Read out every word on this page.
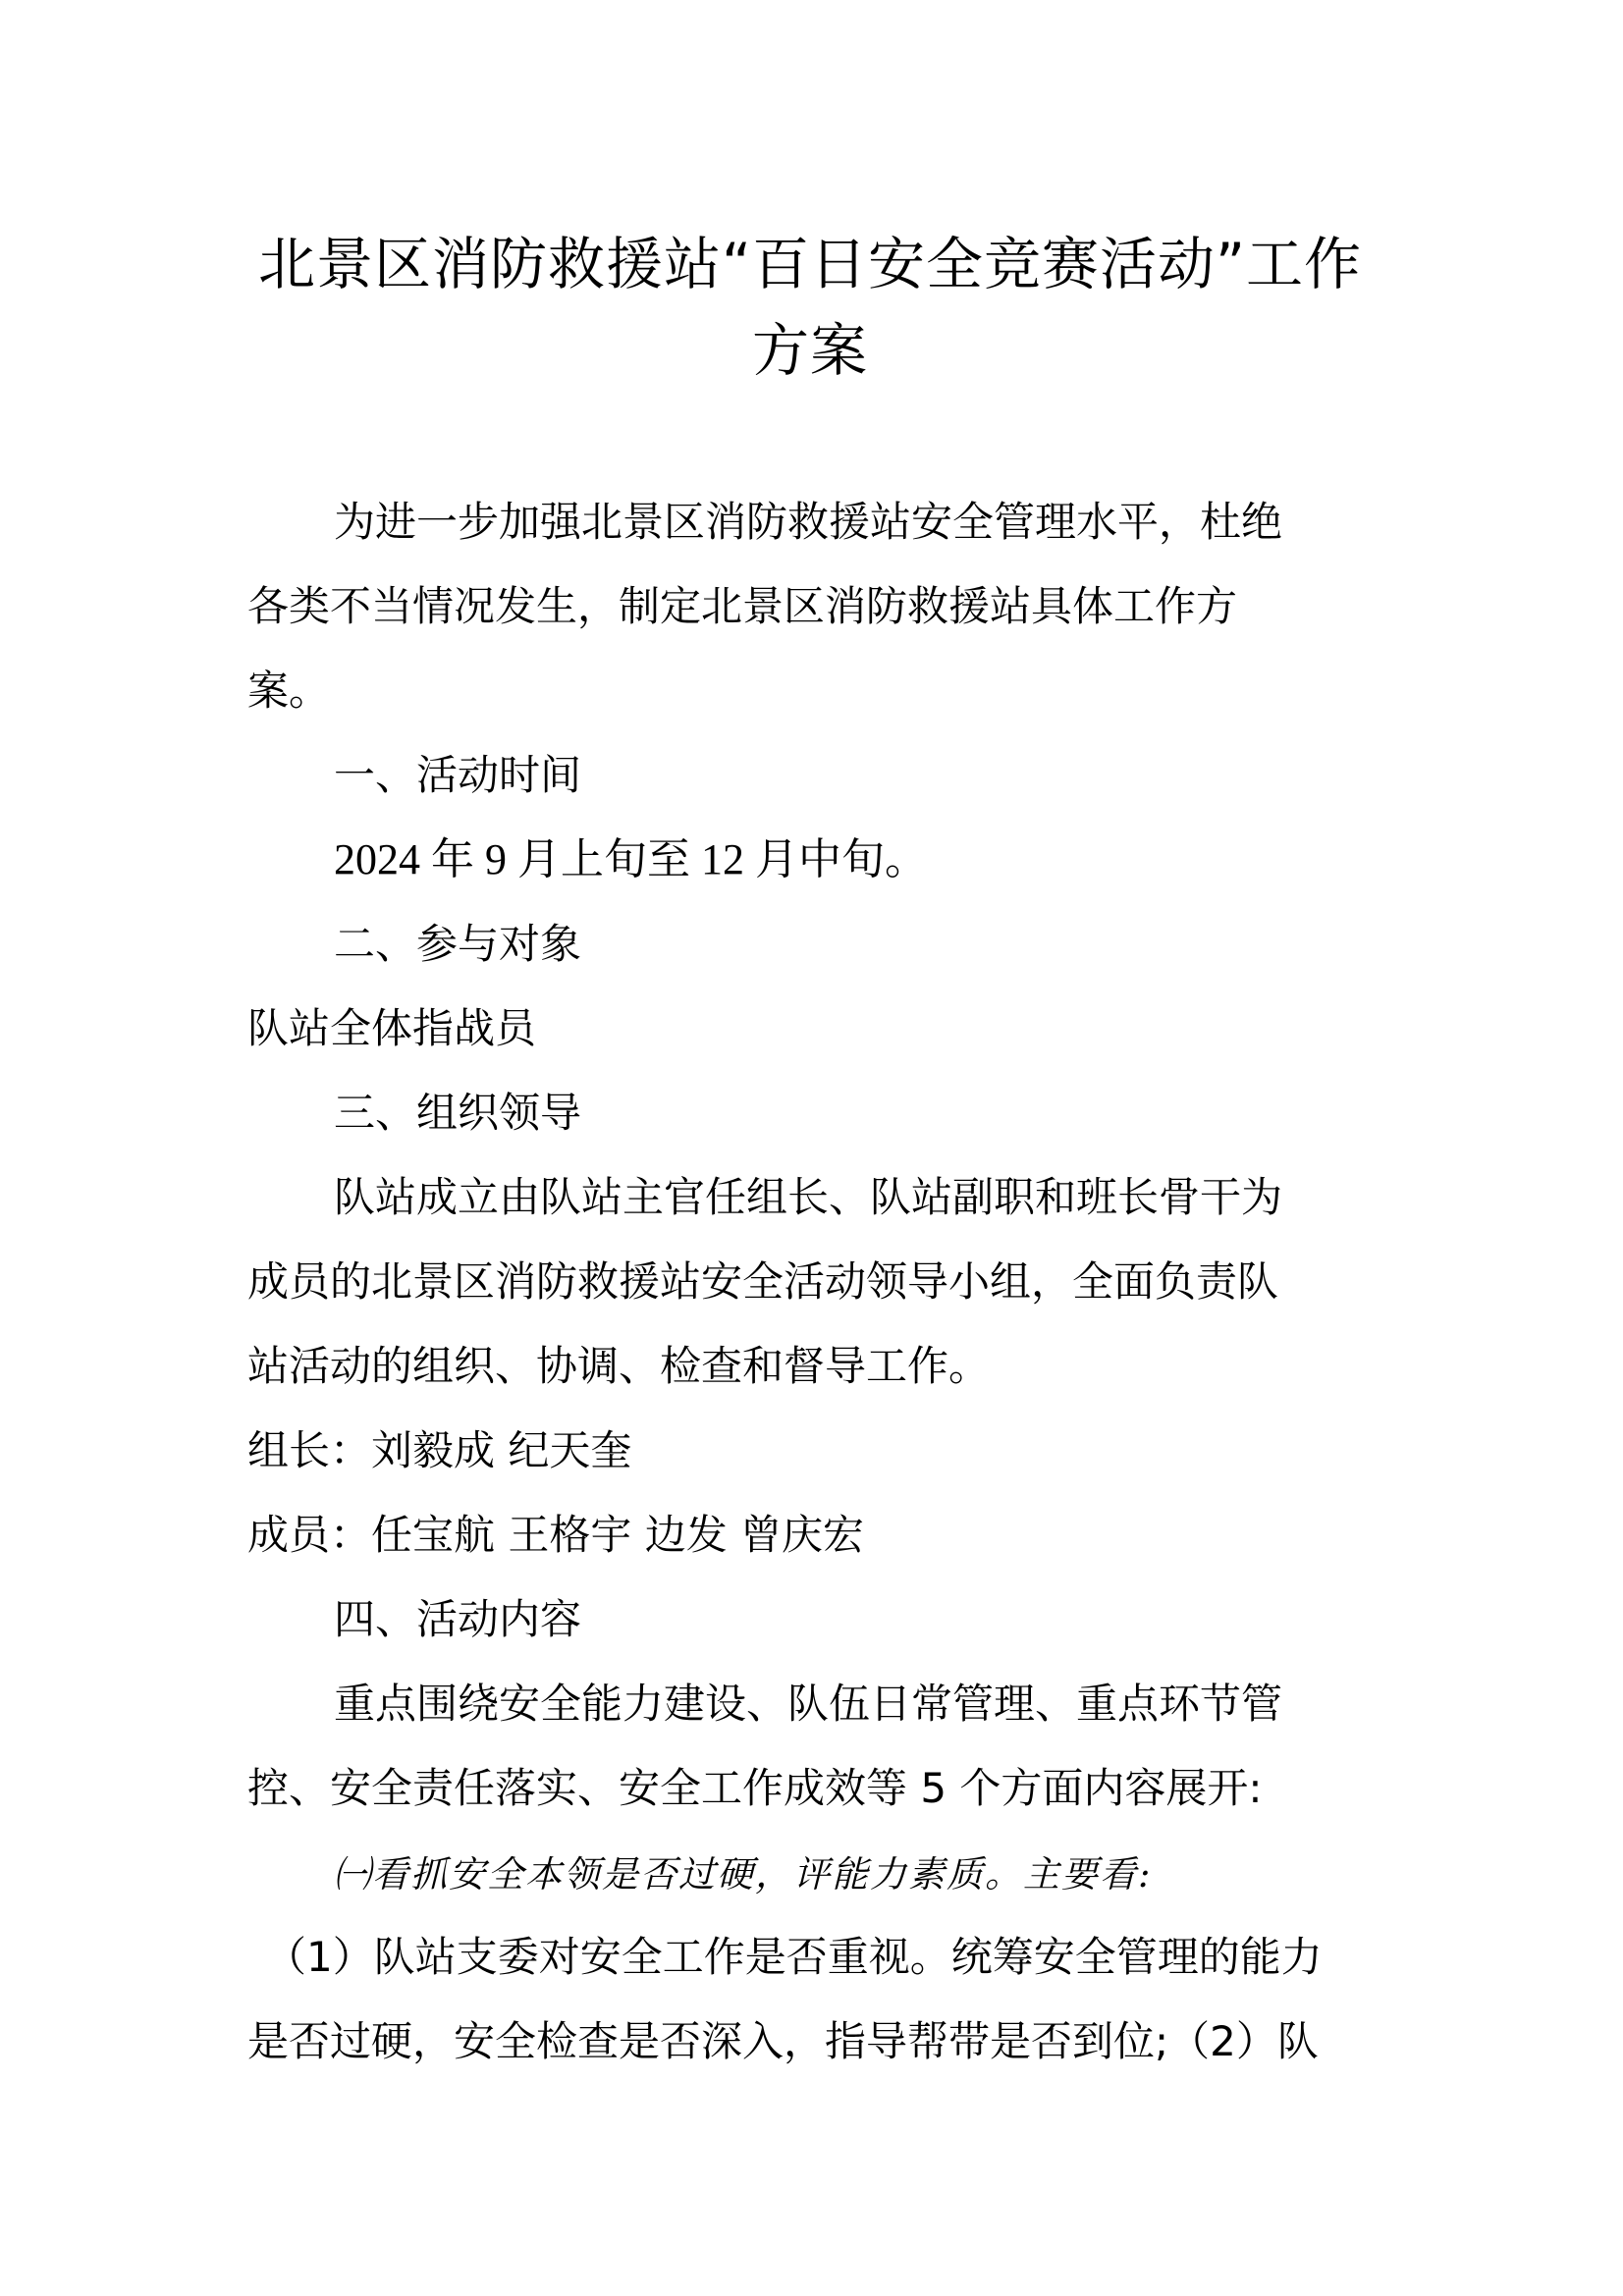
北景区消防救援站“百日安全竞赛活动”工作
方案

为进一步加强北景区消防救援站安全管理水平，杜绝

各类不当情况发生，制定北景区消防救援站具体工作方

案。

一、活动时间

2024 年 9 月上旬至 12 月中旬。

二、参与对象

队站全体指战员

三、组织领导

队站成立由队站主官任组长、队站副职和班长骨干为

成员的北景区消防救援站安全活动领导小组，全面负责队

站活动的组织、协调、检查和督导工作。

组长：刘毅成 纪天奎

成员：任宝航 王格宇 边发 曾庆宏

四、活动内容

重点围绕安全能力建设、队伍日常管理、重点环节管

控、安全责任落实、安全工作成效等 5 个方面内容展开:

㈠看抓安全本领是否过硬，评能力素质。主要看:

（1）队站支委对安全工作是否重视。统筹安全管理的能力

是否过硬，安全检查是否深入，指导帮带是否到位;（2）队
